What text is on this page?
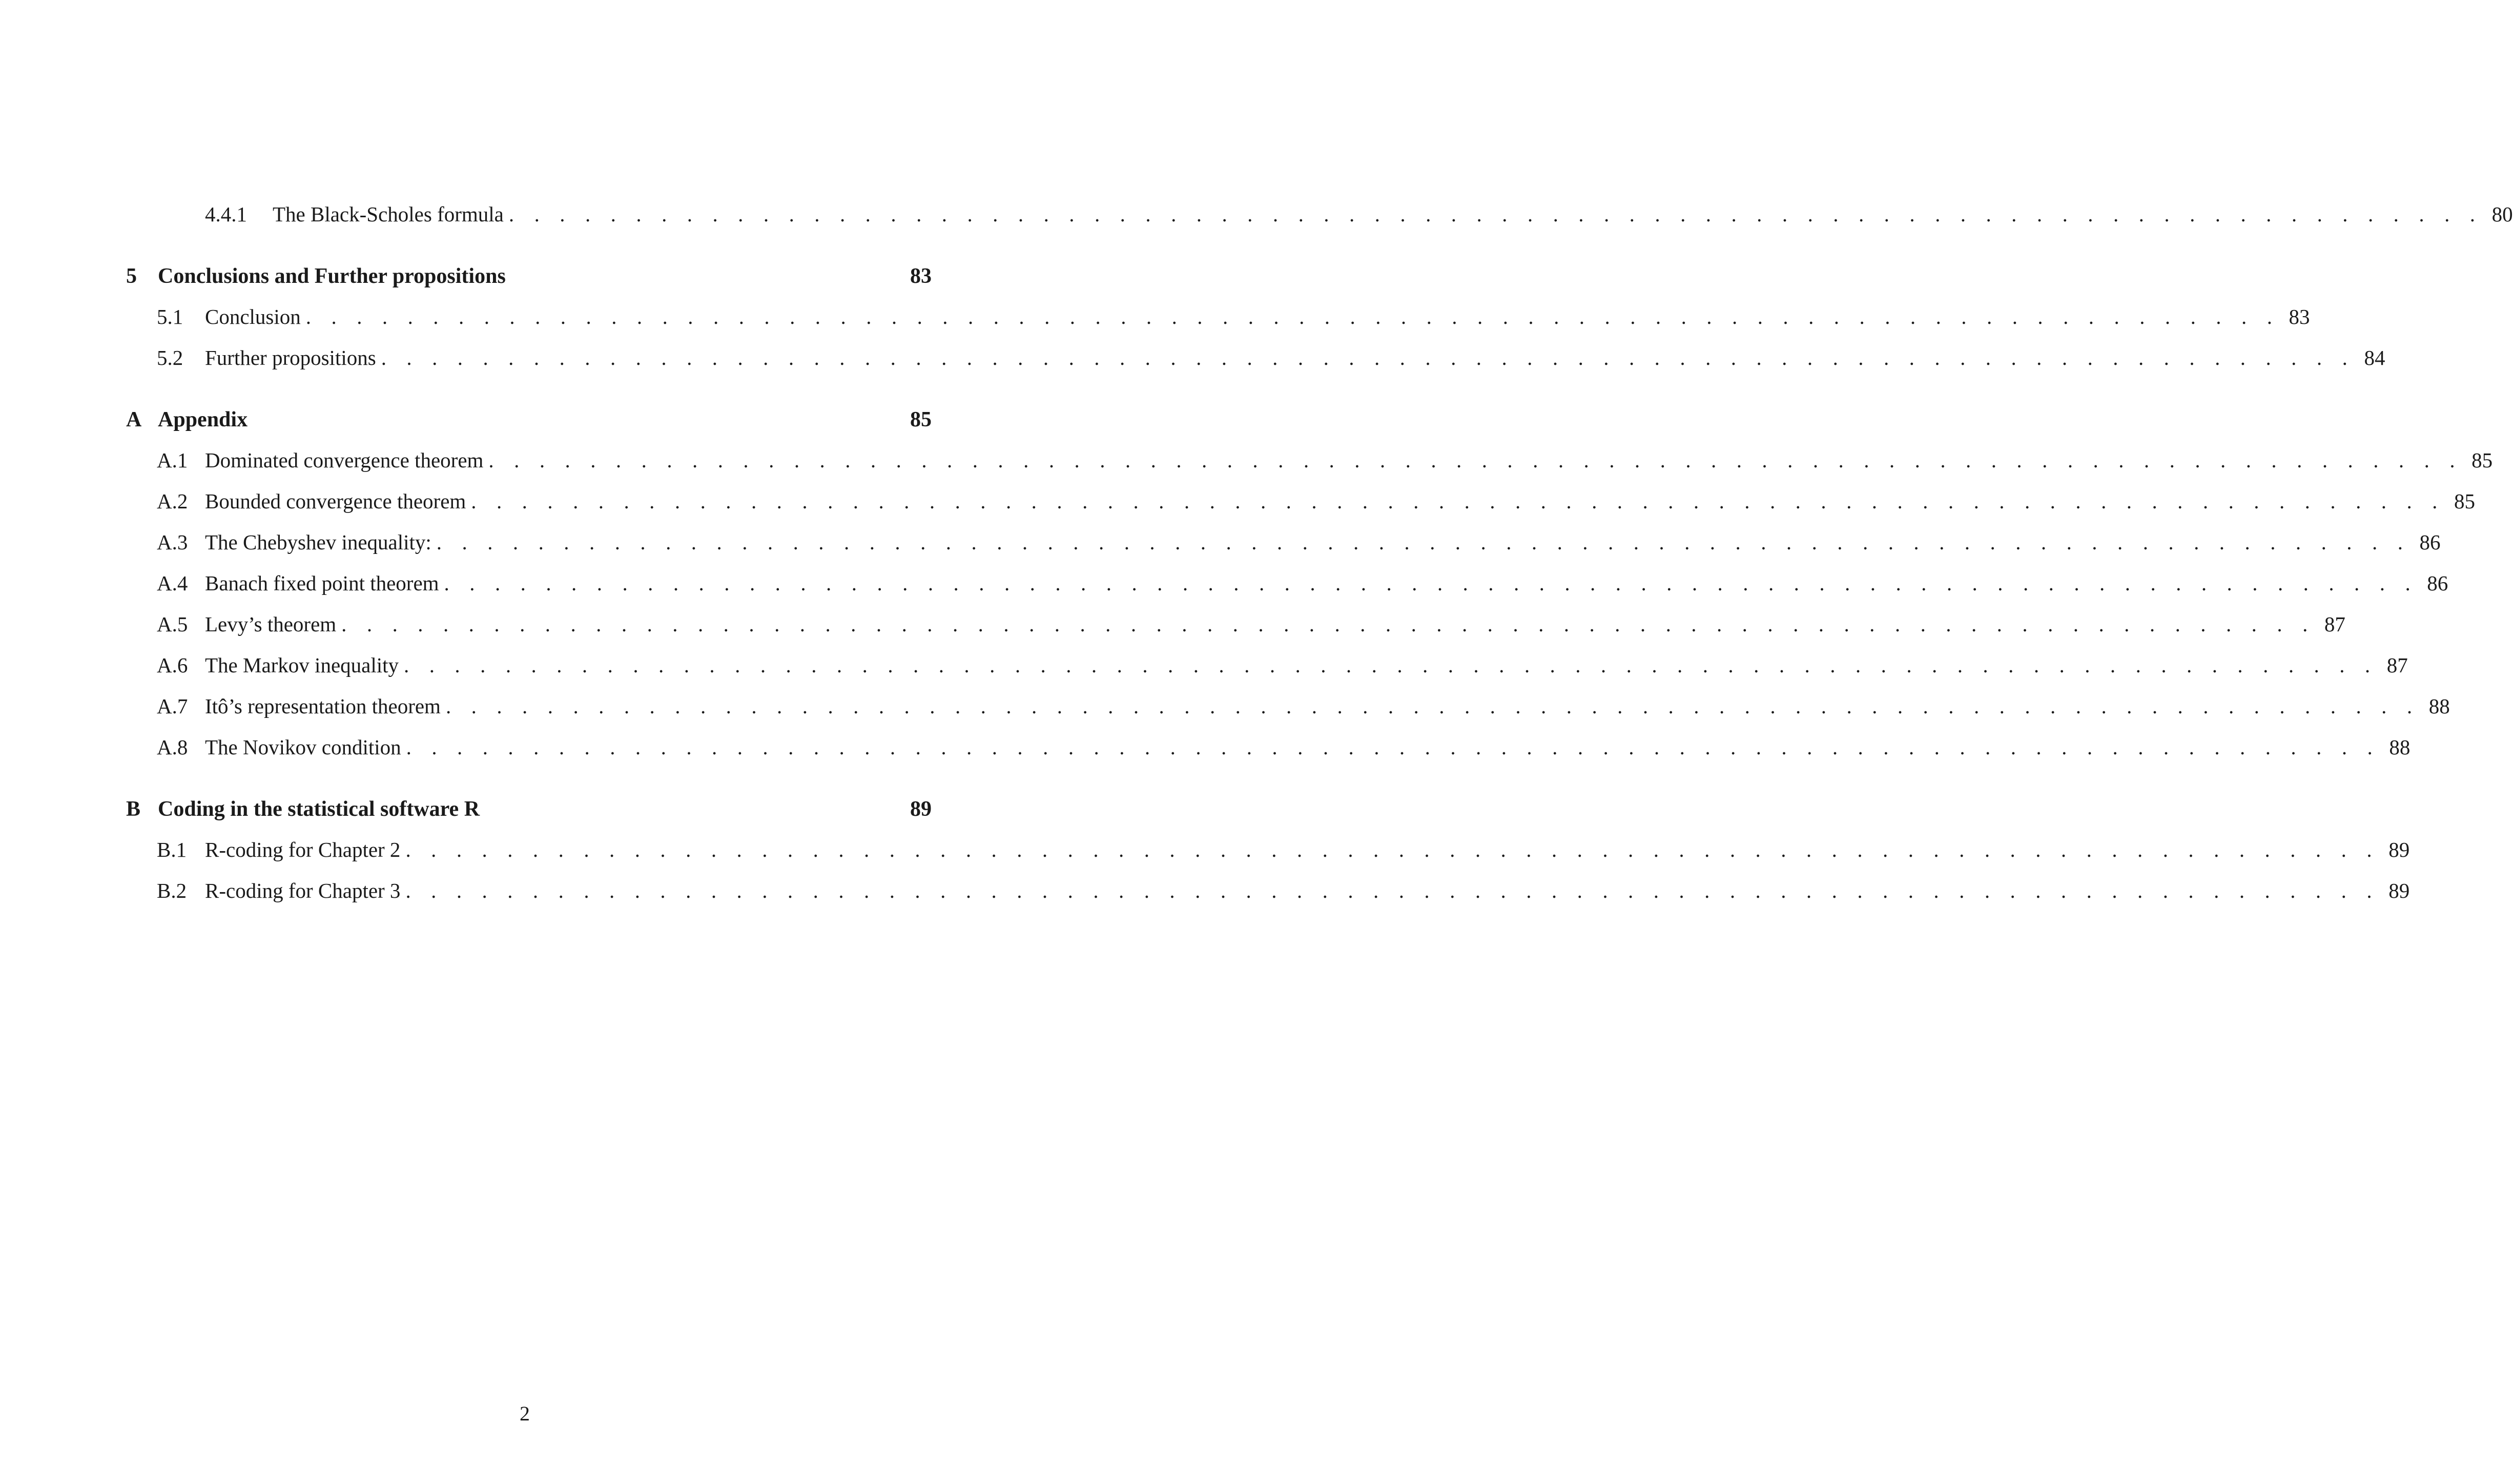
4.4.1	The Black-Scholes formula . . . . . . . . . . . . . . . . . . . . . . . . . . . . . . . . . . . . . . . . . . . . . . . . . . . . . . . . . . . . . . . . . . . . . . . . . . . . . . 80
5 Conclusions and Further propositions	83
5.1	Conclusion . . . . . . . . . . . . . . . . . . . . . . . . . . . . . . . . . . . . . . . . . . . . . . . . . . . . . . . . . . . . . . . . . . . . . . . . . . . . . . 83
5.2	Further propositions . . . . . . . . . . . . . . . . . . . . . . . . . . . . . . . . . . . . . . . . . . . . . . . . . . . . . . . . . . . . . . . . . . . . . . . . . . . . . . 84
A Appendix	85
A.1 Dominated convergence theorem . . . . . . . . . . . . . . . . . . . . . . . . . . . . . . . . . . . . . . . . . . . . . . . . . . . . . . . . . . . . . . . . . . . . . . . . . . . . . . 85
A.2 Bounded convergence theorem . . . . . . . . . . . . . . . . . . . . . . . . . . . . . . . . . . . . . . . . . . . . . . . . . . . . . . . . . . . . . . . . . . . . . . . . . . . . . . 85
A.3 The Chebyshev inequality: . . . . . . . . . . . . . . . . . . . . . . . . . . . . . . . . . . . . . . . . . . . . . . . . . . . . . . . . . . . . . . . . . . . . . . . . . . . . . . 86
A.4 Banach fixed point theorem . . . . . . . . . . . . . . . . . . . . . . . . . . . . . . . . . . . . . . . . . . . . . . . . . . . . . . . . . . . . . . . . . . . . . . . . . . . . . . 86
A.5 Levy’s theorem . . . . . . . . . . . . . . . . . . . . . . . . . . . . . . . . . . . . . . . . . . . . . . . . . . . . . . . . . . . . . . . . . . . . . . . . . . . . . . 87
A.6 The Markov inequality . . . . . . . . . . . . . . . . . . . . . . . . . . . . . . . . . . . . . . . . . . . . . . . . . . . . . . . . . . . . . . . . . . . . . . . . . . . . . . 87
A.7 Itô’s representation theorem . . . . . . . . . . . . . . . . . . . . . . . . . . . . . . . . . . . . . . . . . . . . . . . . . . . . . . . . . . . . . . . . . . . . . . . . . . . . . . 88
A.8 The Novikov condition . . . . . . . . . . . . . . . . . . . . . . . . . . . . . . . . . . . . . . . . . . . . . . . . . . . . . . . . . . . . . . . . . . . . . . . . . . . . . . 88
B Coding in the statistical software R	89
B.1 R-coding for Chapter 2 . . . . . . . . . . . . . . . . . . . . . . . . . . . . . . . . . . . . . . . . . . . . . . . . . . . . . . . . . . . . . . . . . . . . . . . . . . . . . . 89
B.2 R-coding for Chapter 3 . . . . . . . . . . . . . . . . . . . . . . . . . . . . . . . . . . . . . . . . . . . . . . . . . . . . . . . . . . . . . . . . . . . . . . . . . . . . . . 89
2
